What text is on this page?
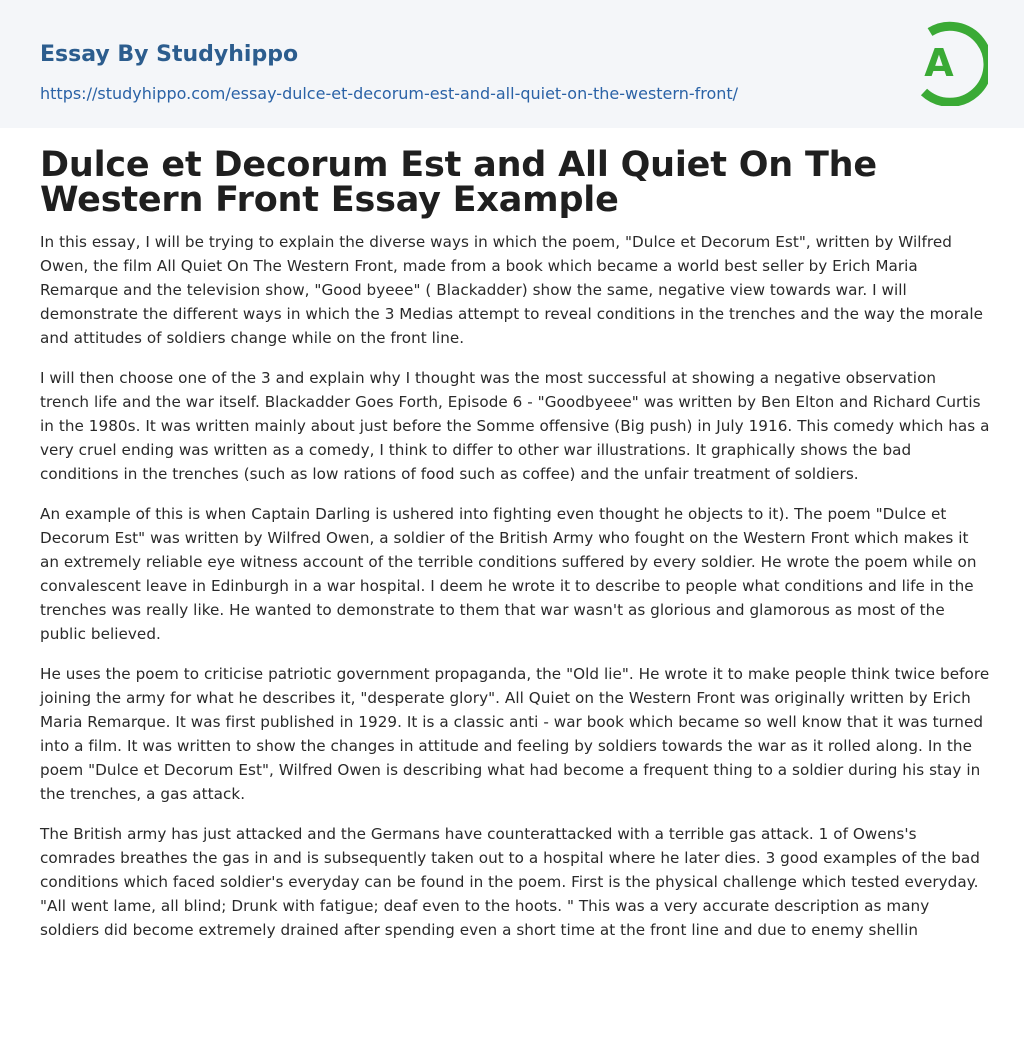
Essay By Studyhippo
https://studyhippo.com/essay-dulce-et-decorum-est-and-all-quiet-on-the-western-front/
A
Dulce et Decorum Est and All Quiet On The Western Front Essay Example

In this essay, I will be trying to explain the diverse ways in which the poem, "Dulce et Decorum Est", written by Wilfred Owen, the film All Quiet On The Western Front, made from a book which became a world best seller by Erich Maria Remarque and the television show, "Good byeee" ( Blackadder) show the same, negative view towards war. I will demonstrate the different ways in which the 3 Medias attempt to reveal conditions in the trenches and the way the morale and attitudes of soldiers change while on the front line.

I will then choose one of the 3 and explain why I thought was the most successful at showing a negative observation trench life and the war itself. Blackadder Goes Forth, Episode 6 - "Goodbyeee" was written by Ben Elton and Richard Curtis in the 1980s. It was written mainly about just before the Somme offensive (Big push) in July 1916. This comedy which has a very cruel ending was written as a comedy, I think to differ to other war illustrations. It graphically shows the bad conditions in the trenches (such as low rations of food such as coffee) and the unfair treatment of soldiers.

An example of this is when Captain Darling is ushered into fighting even thought he objects to it). The poem "Dulce et Decorum Est" was written by Wilfred Owen, a soldier of the British Army who fought on the Western Front which makes it an extremely reliable eye witness account of the terrible conditions suffered by every soldier. He wrote the poem while on convalescent leave in Edinburgh in a war hospital. I deem he wrote it to describe to people what conditions and life in the trenches was really like. He wanted to demonstrate to them that war wasn't as glorious and glamorous as most of the public believed.

He uses the poem to criticise patriotic government propaganda, the "Old lie". He wrote it to make people think twice before joining the army for what he describes it, "desperate glory". All Quiet on the Western Front was originally written by Erich Maria Remarque. It was first published in 1929. It is a classic anti - war book which became so well know that it was turned into a film. It was written to show the changes in attitude and feeling by soldiers towards the war as it rolled along. In the poem "Dulce et Decorum Est", Wilfred Owen is describing what had become a frequent thing to a soldier during his stay in the trenches, a gas attack.

The British army has just attacked and the Germans have counterattacked with a terrible gas attack. 1 of Owens's comrades breathes the gas in and is subsequently taken out to a hospital where he later dies. 3 good examples of the bad conditions which faced soldier's everyday can be found in the poem. First is the physical challenge which tested everyday. "All went lame, all blind; Drunk with fatigue; deaf even to the hoots. " This was a very accurate description as many soldiers did become extremely drained after spending even a short time at the front line and due to enemy shellin
